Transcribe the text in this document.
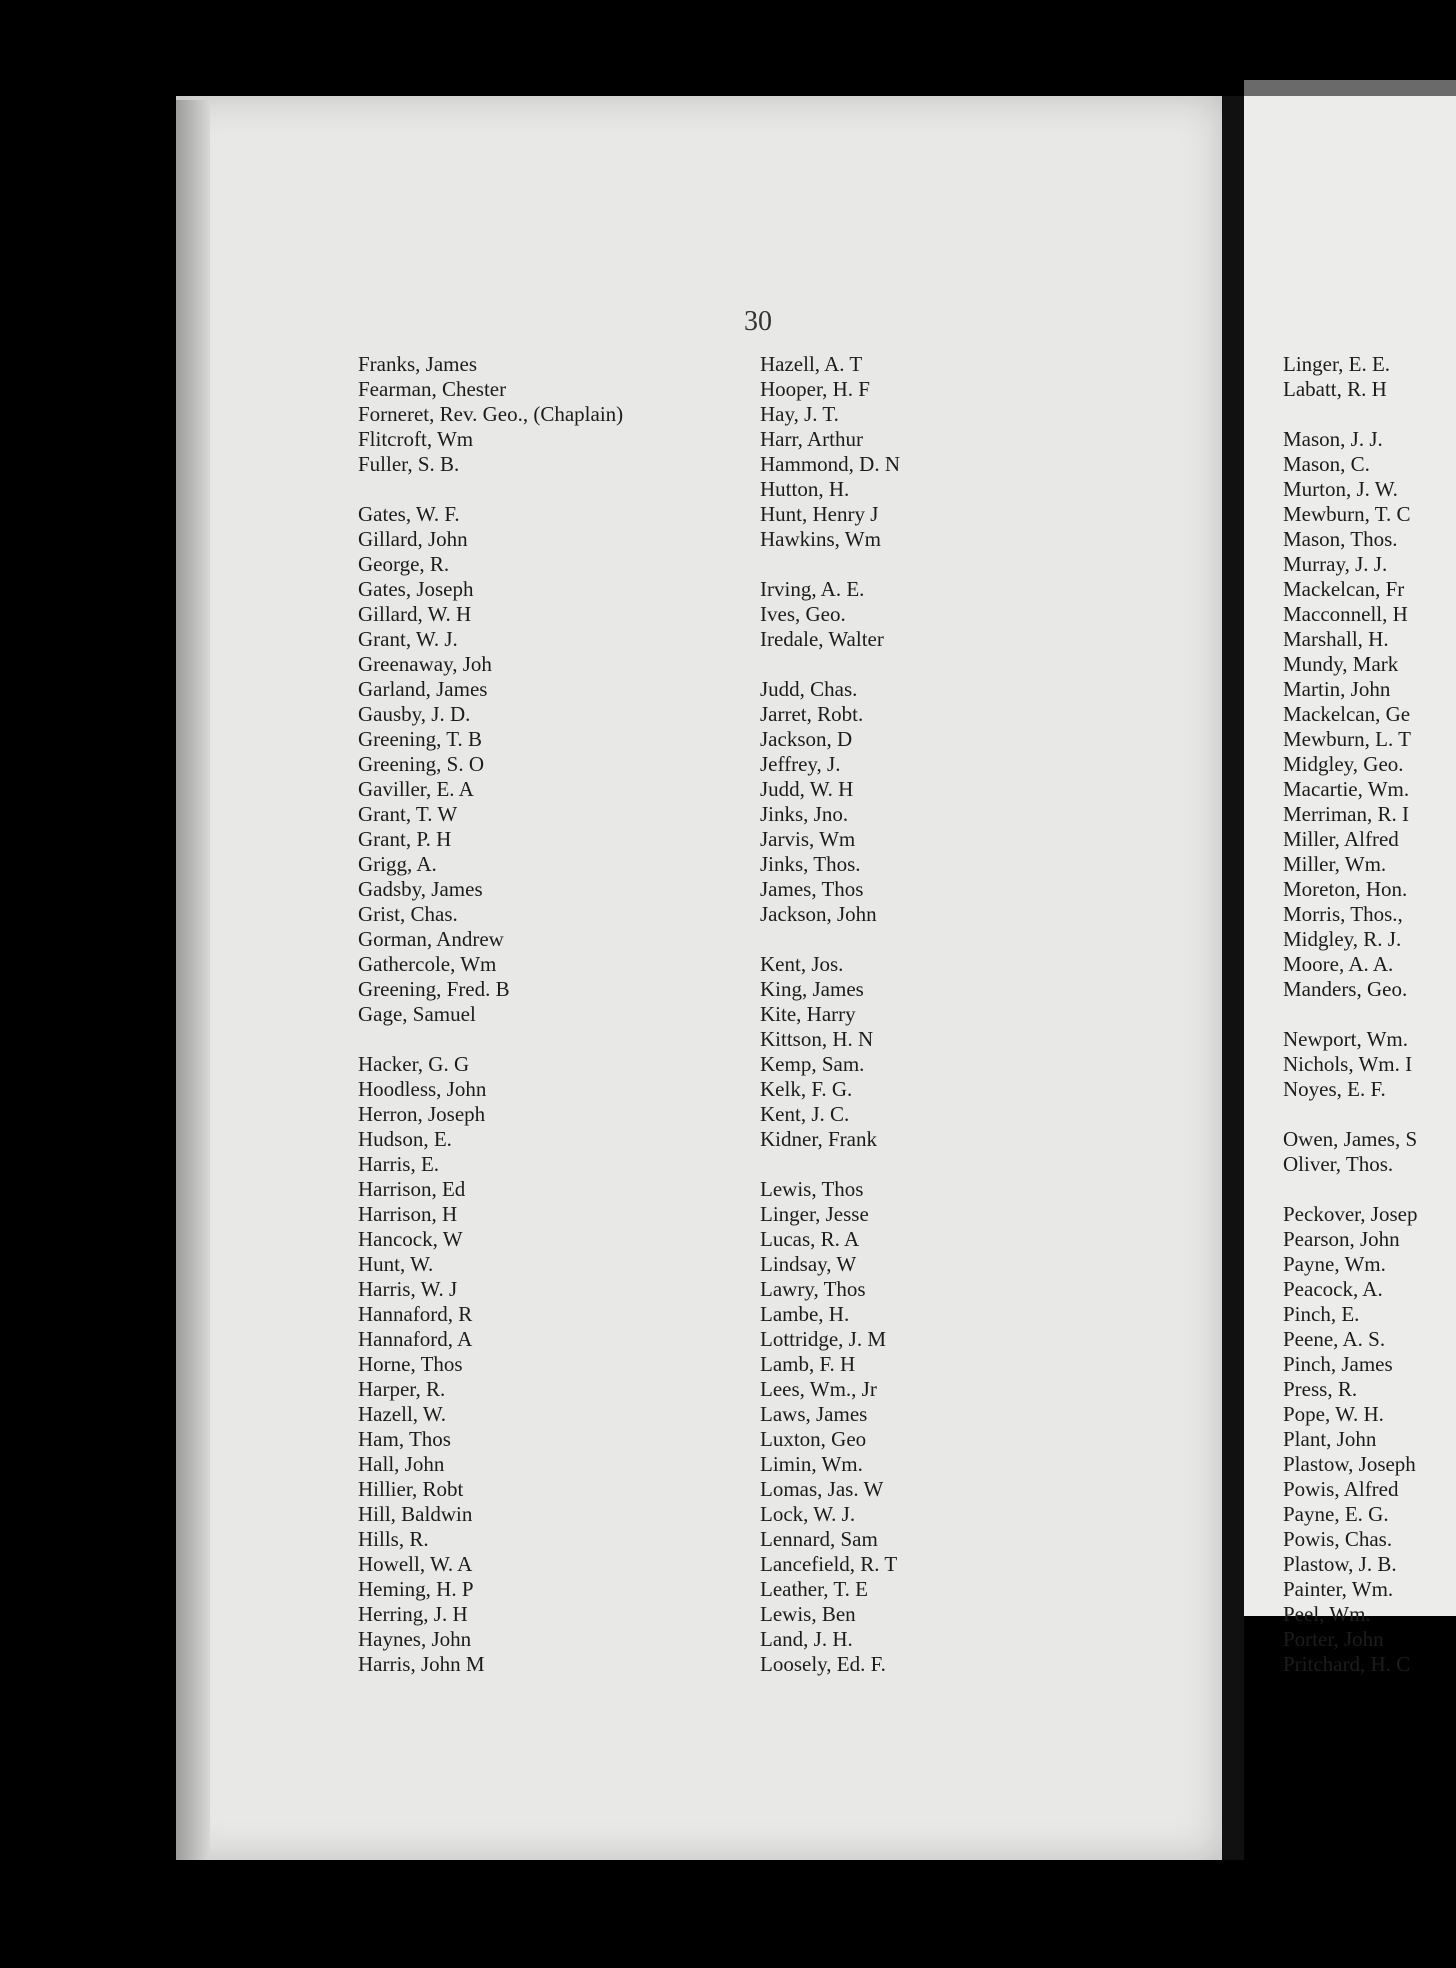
30
Franks, James
Fearman, Chester
Forneret, Rev. Geo., (Chaplain)
Flitcroft, Wm
Fuller, S. B.
Gates, W. F.
Gillard, John
George, R.
Gates, Joseph
Gillard, W. H
Grant, W. J.
Greenaway, Joh
Garland, James
Gausby, J. D.
Greening, T. B
Greening, S. O
Gaviller, E. A
Grant, T. W
Grant, P. H
Grigg, A.
Gadsby, James
Grist, Chas.
Gorman, Andrew
Gathercole, Wm
Greening, Fred. B
Gage, Samuel
Hacker, G. G
Hoodless, John
Herron, Joseph
Hudson, E.
Harris, E.
Harrison, Ed
Harrison, H
Hancock, W
Hunt, W.
Harris, W. J
Hannaford, R
Hannaford, A
Horne, Thos
Harper, R.
Hazell, W.
Ham, Thos
Hall, John
Hillier, Robt
Hill, Baldwin
Hills, R.
Howell, W. A
Heming, H. P
Herring, J. H
Haynes, John
Harris, John M
Hazell, A. T
Hooper, H. F
Hay, J. T.
Harr, Arthur
Hammond, D. N
Hutton, H.
Hunt, Henry J
Hawkins, Wm
Irving, A. E.
Ives, Geo.
Iredale, Walter
Judd, Chas.
Jarret, Robt.
Jackson, D
Jeffrey, J.
Judd, W. H
Jinks, Jno.
Jarvis, Wm
Jinks, Thos.
James, Thos
Jackson, John
Kent, Jos.
King, James
Kite, Harry
Kittson, H. N
Kemp, Sam.
Kelk, F. G.
Kent, J. C.
Kidner, Frank
Lewis, Thos
Linger, Jesse
Lucas, R. A
Lindsay, W
Lawry, Thos
Lambe, H.
Lottridge, J. M
Lamb, F. H
Lees, Wm., Jr
Laws, James
Luxton, Geo
Limin, Wm.
Lomas, Jas. W
Lock, W. J.
Lennard, Sam
Lancefield, R. T
Leather, T. E
Lewis, Ben
Land, J. H.
Loosely, Ed. F.
Linger, E. E.
Labatt, R. H
Mason, J. J.
Mason, C.
Murton, J. W.
Mewburn, T. C
Mason, Thos.
Murray, J. J.
Mackelcan, Fr
Macconnell, H
Marshall, H.
Mundy, Mark
Martin, John
Mackelcan, Ge
Mewburn, L. T
Midgley, Geo.
Macartie, Wm.
Merriman, R. I
Miller, Alfred
Miller, Wm.
Moreton, Hon.
Morris, Thos.,
Midgley, R. J.
Moore, A. A.
Manders, Geo.
Newport, Wm.
Nichols, Wm. I
Noyes, E. F.
Owen, James, S
Oliver, Thos.
Peckover, Josep
Pearson, John
Payne, Wm.
Peacock, A.
Pinch, E.
Peene, A. S.
Pinch, James
Press, R.
Pope, W. H.
Plant, John
Plastow, Joseph
Powis, Alfred
Payne, E. G.
Powis, Chas.
Plastow, J. B.
Painter, Wm.
Peel, Wm.
Porter, John
Pritchard, H. C
